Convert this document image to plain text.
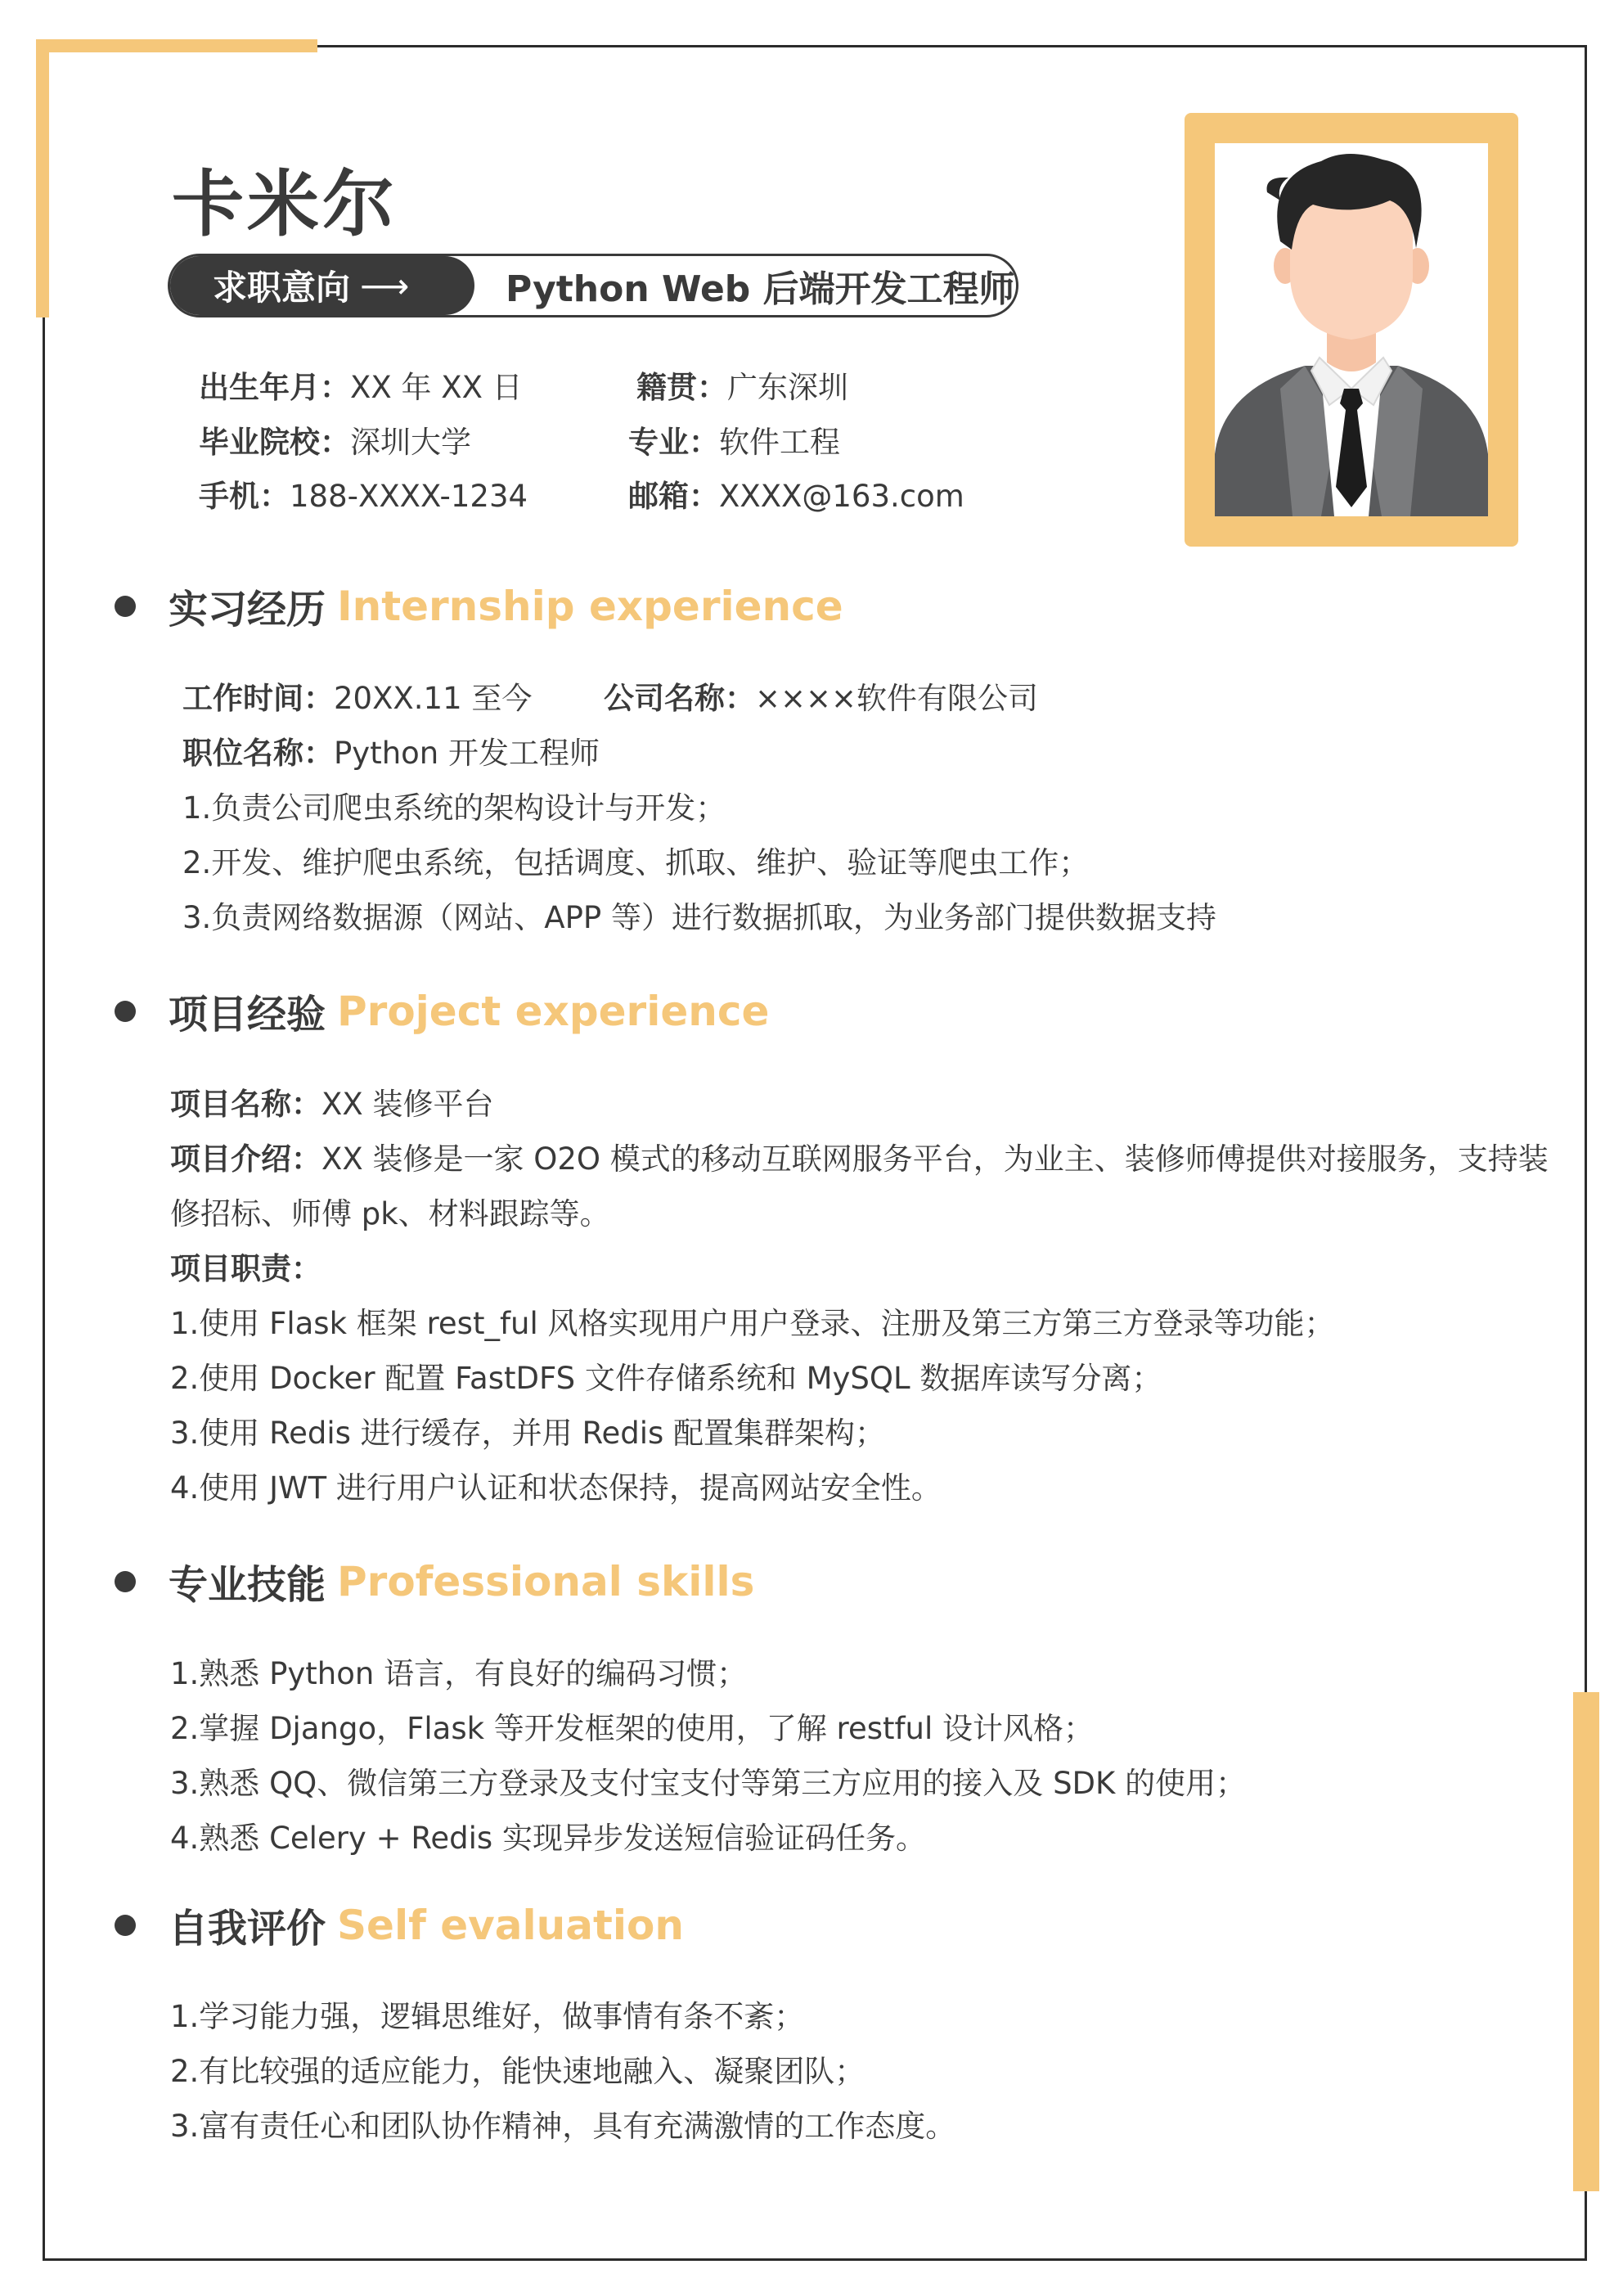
卡米尔
求职意向 ⟶	Python Web 后端开发工程师
出生年月：XX 年 XX 日	籍贯：广东深圳
毕业院校：深圳大学	专业：软件工程
手机：188-XXXX-1234	邮箱：XXXX@163.com
实习经历 Internship experience
工作时间：20XX.11 至今 公司名称：××××软件有限公司
职位名称：Python 开发工程师
1.负责公司爬虫系统的架构设计与开发；
2.开发、维护爬虫系统，包括调度、抓取、维护、验证等爬虫工作；
3.负责网络数据源（网站、APP 等）进行数据抓取，为业务部门提供数据支持
项目经验 Project experience
项目名称：XX 装修平台
项目介绍：XX 装修是一家 O2O 模式的移动互联网服务平台，为业主、装修师傅提供对接服务，支持装
修招标、师傅 pk、材料跟踪等。
项目职责：
1.使用 Flask 框架 rest_ful 风格实现用户用户登录、注册及第三方第三方登录等功能；
2.使用 Docker 配置 FastDFS 文件存储系统和 MySQL 数据库读写分离；
3.使用 Redis 进行缓存，并用 Redis 配置集群架构；
4.使用 JWT 进行用户认证和状态保持，提高网站安全性。
专业技能 Professional skills
1.熟悉 Python 语言，有良好的编码习惯；
2.掌握 Django，Flask 等开发框架的使用，了解 restful 设计风格；
3.熟悉 QQ、微信第三方登录及支付宝支付等第三方应用的接入及 SDK 的使用；
4.熟悉 Celery + Redis 实现异步发送短信验证码任务。
自我评价 Self evaluation
1.学习能力强，逻辑思维好，做事情有条不紊；
2.有比较强的适应能力，能快速地融入、凝聚团队；
3.富有责任心和团队协作精神，具有充满激情的工作态度。
